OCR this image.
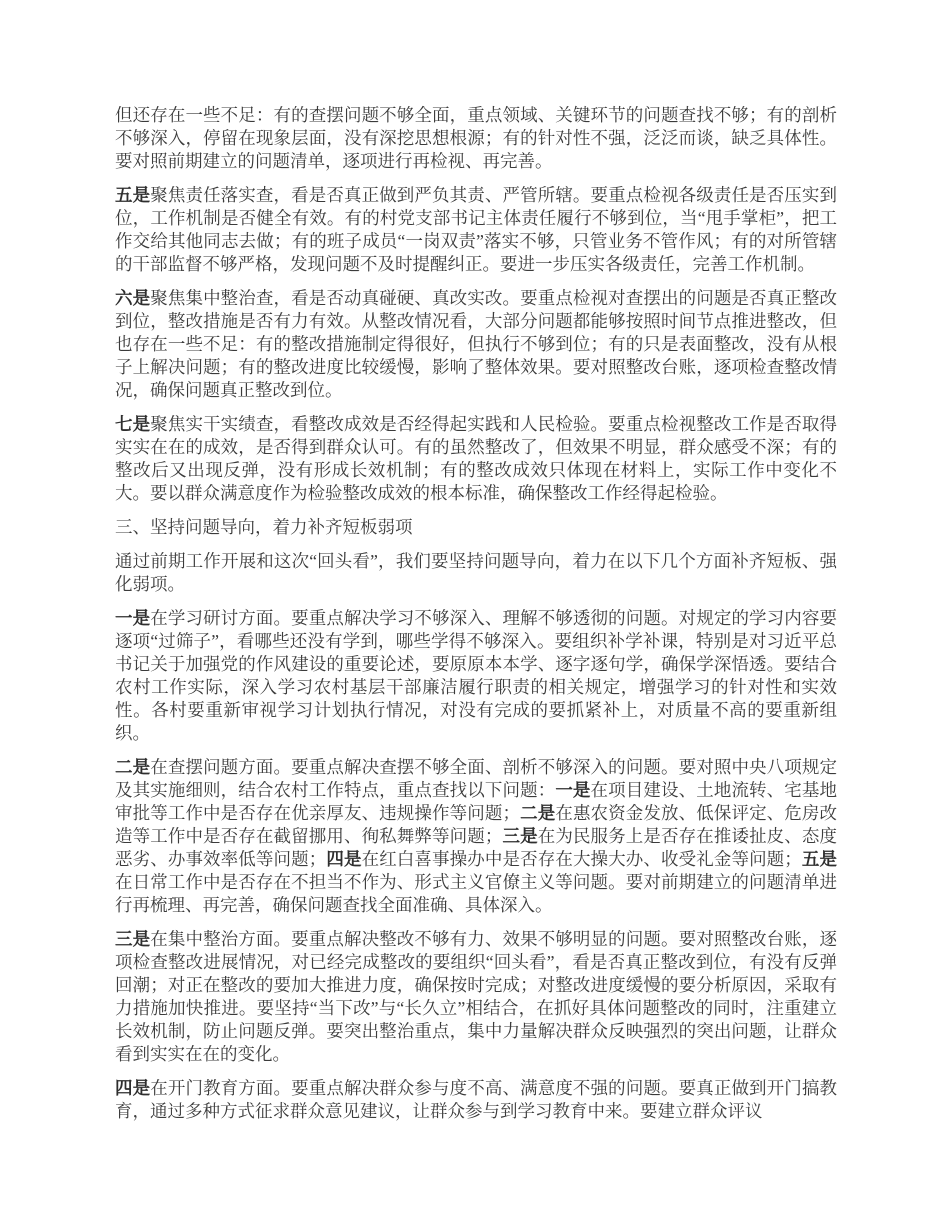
但还存在一些不足：有的查摆问题不够全面，重点领域、关键环节的问题查找不够；有的剖析不够深入，停留在现象层面，没有深挖思想根源；有的针对性不强，泛泛而谈，缺乏具体性。要对照前期建立的问题清单，逐项进行再检视、再完善。

五是聚焦责任落实查，看是否真正做到严负其责、严管所辖。要重点检视各级责任是否压实到位，工作机制是否健全有效。有的村党支部书记主体责任履行不够到位，当“甩手掌柜”，把工作交给其他同志去做；有的班子成员“一岗双责”落实不够，只管业务不管作风；有的对所管辖的干部监督不够严格，发现问题不及时提醒纠正。要进一步压实各级责任，完善工作机制。

六是聚焦集中整治查，看是否动真碰硬、真改实改。要重点检视对查摆出的问题是否真正整改到位，整改措施是否有力有效。从整改情况看，大部分问题都能够按照时间节点推进整改，但也存在一些不足：有的整改措施制定得很好，但执行不够到位；有的只是表面整改，没有从根子上解决问题；有的整改进度比较缓慢，影响了整体效果。要对照整改台账，逐项检查整改情况，确保问题真正整改到位。

七是聚焦实干实绩查，看整改成效是否经得起实践和人民检验。要重点检视整改工作是否取得实实在在的成效，是否得到群众认可。有的虽然整改了，但效果不明显，群众感受不深；有的整改后又出现反弹，没有形成长效机制；有的整改成效只体现在材料上，实际工作中变化不大。要以群众满意度作为检验整改成效的根本标准，确保整改工作经得起检验。

三、坚持问题导向，着力补齐短板弱项

通过前期工作开展和这次“回头看”，我们要坚持问题导向，着力在以下几个方面补齐短板、强化弱项。

一是在学习研讨方面。要重点解决学习不够深入、理解不够透彻的问题。对规定的学习内容要逐项“过筛子”，看哪些还没有学到，哪些学得不够深入。要组织补学补课，特别是对习近平总书记关于加强党的作风建设的重要论述，要原原本本学、逐字逐句学，确保学深悟透。要结合农村工作实际，深入学习农村基层干部廉洁履行职责的相关规定，增强学习的针对性和实效性。各村要重新审视学习计划执行情况，对没有完成的要抓紧补上，对质量不高的要重新组织。

二是在查摆问题方面。要重点解决查摆不够全面、剖析不够深入的问题。要对照中央八项规定及其实施细则，结合农村工作特点，重点查找以下问题：一是在项目建设、土地流转、宅基地审批等工作中是否存在优亲厚友、违规操作等问题；二是在惠农资金发放、低保评定、危房改造等工作中是否存在截留挪用、徇私舞弊等问题；三是在为民服务上是否存在推诿扯皮、态度恶劣、办事效率低等问题；四是在红白喜事操办中是否存在大操大办、收受礼金等问题；五是在日常工作中是否存在不担当不作为、形式主义官僚主义等问题。要对前期建立的问题清单进行再梳理、再完善，确保问题查找全面准确、具体深入。

三是在集中整治方面。要重点解决整改不够有力、效果不够明显的问题。要对照整改台账，逐项检查整改进展情况，对已经完成整改的要组织“回头看”，看是否真正整改到位，有没有反弹回潮；对正在整改的要加大推进力度，确保按时完成；对整改进度缓慢的要分析原因，采取有力措施加快推进。要坚持“当下改”与“长久立”相结合，在抓好具体问题整改的同时，注重建立长效机制，防止问题反弹。要突出整治重点，集中力量解决群众反映强烈的突出问题，让群众看到实实在在的变化。

四是在开门教育方面。要重点解决群众参与度不高、满意度不强的问题。要真正做到开门搞教育，通过多种方式征求群众意见建议，让群众参与到学习教育中来。要建立群众评议
